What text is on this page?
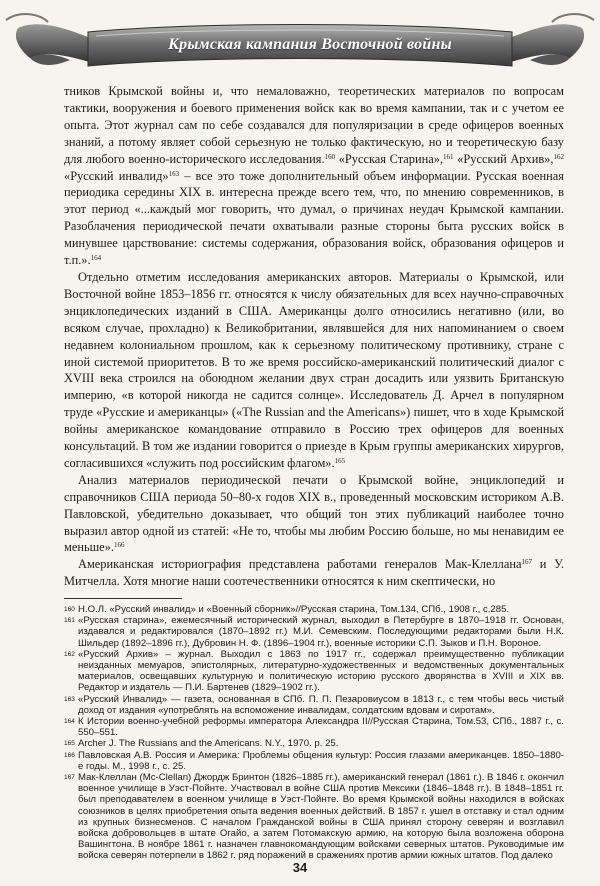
Крымская кампания Восточной войны

тников Крымской войны и, что немаловажно, теоретических материалов по вопросам тактики, вооружения и боевого применения войск как во время кампании, так и с учетом ее опыта. Этот журнал сам по себе создавался для популяризации в среде офицеров военных знаний, а потому являет собой серьезную не только фактическую, но и теоретическую базу для любого военно-исторического исследования.$^{160}$ «Русская Старина»,$^{161}$ «Русский Архив»,$^{162}$ «Русский инвалид»$^{163}$ – все это тоже дополнительный объем информации. Русская военная периодика середины XIX в. интересна прежде всего тем, что, по мнению современников, в этот период «...каждый мог говорить, что думал, о причинах неудач Крымской кампании. Разоблачения периодической печати охватывали разные стороны быта русских войск в минувшее царствование: системы содержания, образования войск, образования офицеров и т.п.».$^{164}$

Отдельно отметим исследования американских авторов. Материалы о Крымской, или Восточной войне 1853–1856 гг. относятся к числу обязательных для всех научно-справочных энциклопедических изданий в США. Американцы долго относились негативно (или, во всяком случае, прохладно) к Великобритании, являвшейся для них напоминанием о своем недавнем колониальном прошлом, как к серьезному политическому противнику, стране с иной системой приоритетов. В то же время российско-американский политический диалог с XVIII века строился на обоюдном желании двух стран досадить или уязвить Британскую империю, «в которой никогда не садится солнце». Исследователь Д. Арчел в популярном труде «Русские и американцы» («The Russian and the Americans») пишет, что в ходе Крымской войны американское командование отправило в Россию трех офицеров для военных консультаций. В том же издании говорится о приезде в Крым группы американских хирургов, согласившихся «служить под российским флагом».$^{165}$

Анализ материалов периодической печати о Крымской войне, энциклопедий и справочников США периода 50–80-х годов XIX в., проведенный московским историком А.В. Павловской, убедительно доказывает, что общий тон этих публикаций наиболее точно выразил автор одной из статей: «Не то, чтобы мы любим Россию больше, но мы ненавидим ее меньше».$^{166}$

Американская историография представлена работами генералов Мак-Клеллана$^{167}$ и У. Митчелла. Хотя многие наши соотечественники относятся к ним скептически, но

160 Н.О.Л. «Русский инвалид» и «Военный сборник»//Русская старина, Том.134, СПб., 1908 г., с.285.
161 «Русская старина», ежемесячный исторический журнал, выходил в Петербурге в 1870–1918 гг. Основан, издавался и редактировался (1870–1892 гг.) М.И. Семевским. Последующими редакторами были Н.К. Шильдер (1892–1896 гг.), Дубровин Н. Ф. (1896–1904 гг.), военные историки С.П. Зыков и П.Н. Вороное.
162 «Русский Архив» – журнал. Выходил с 1863 по 1917 гг., содержал преимущественно публикации неизданных мемуаров, эпистолярных, литературно-художественных и ведомственных документальных материалов, освещавших культурную и политическую историю русского дворянства в XVIII и XIX вв. Редактор и издатель — П.И. Бартенев (1829–1902 гг.).
163 «Русский Инвалид» — газета, основанная в СПб. П. П. Пезаровиусом в 1813 г., с тем чтобы весь чистый доход от издания «употреблять на вспоможение инвалидам, солдатским вдовам и сиротам».
164 К Истории военно-учебной реформы императора Александра II//Русская Старина, Том.53, СПб., 1887 г., с. 550–551.
165 Archer J. The Russians and the Americans. N.Y., 1970. p. 25.
166 Павловская А.В. Россия и Америка: Проблемы общения культур: Россия глазами американцев. 1850–1880-е годы. М., 1998 г., с. 25.
167 Мак-Клеллан (Mc-Clellan) Джордж Бринтон (1826–1885 гг.), американский генерал (1861 г.). В 1846 г. окончил военное училище в Уэст-Пойнте. Участвовал в войне США против Мексики (1846–1848 гг.). В 1848–1851 гг. был преподавателем в военном училище в Уэст-Пойнте. Во время Крымской войны находился в войсках союзников в целях приобретения опыта ведения военных действий. В 1857 г. ушел в отставку и стал одним из крупных бизнесменов. С началом Гражданской войны в США принял сторону северян и возглавил войска добровольцев в штате Огайо, а затем Потомакскую армию, на которую была возложена оборона Вашингтона. В ноябре 1861 г. назначен главнокомандующим войсками северных штатов. Руководимые им войска северян потерпели в 1862 г. ряд поражений в сражениях против армии южных штатов. Под далеко
34
